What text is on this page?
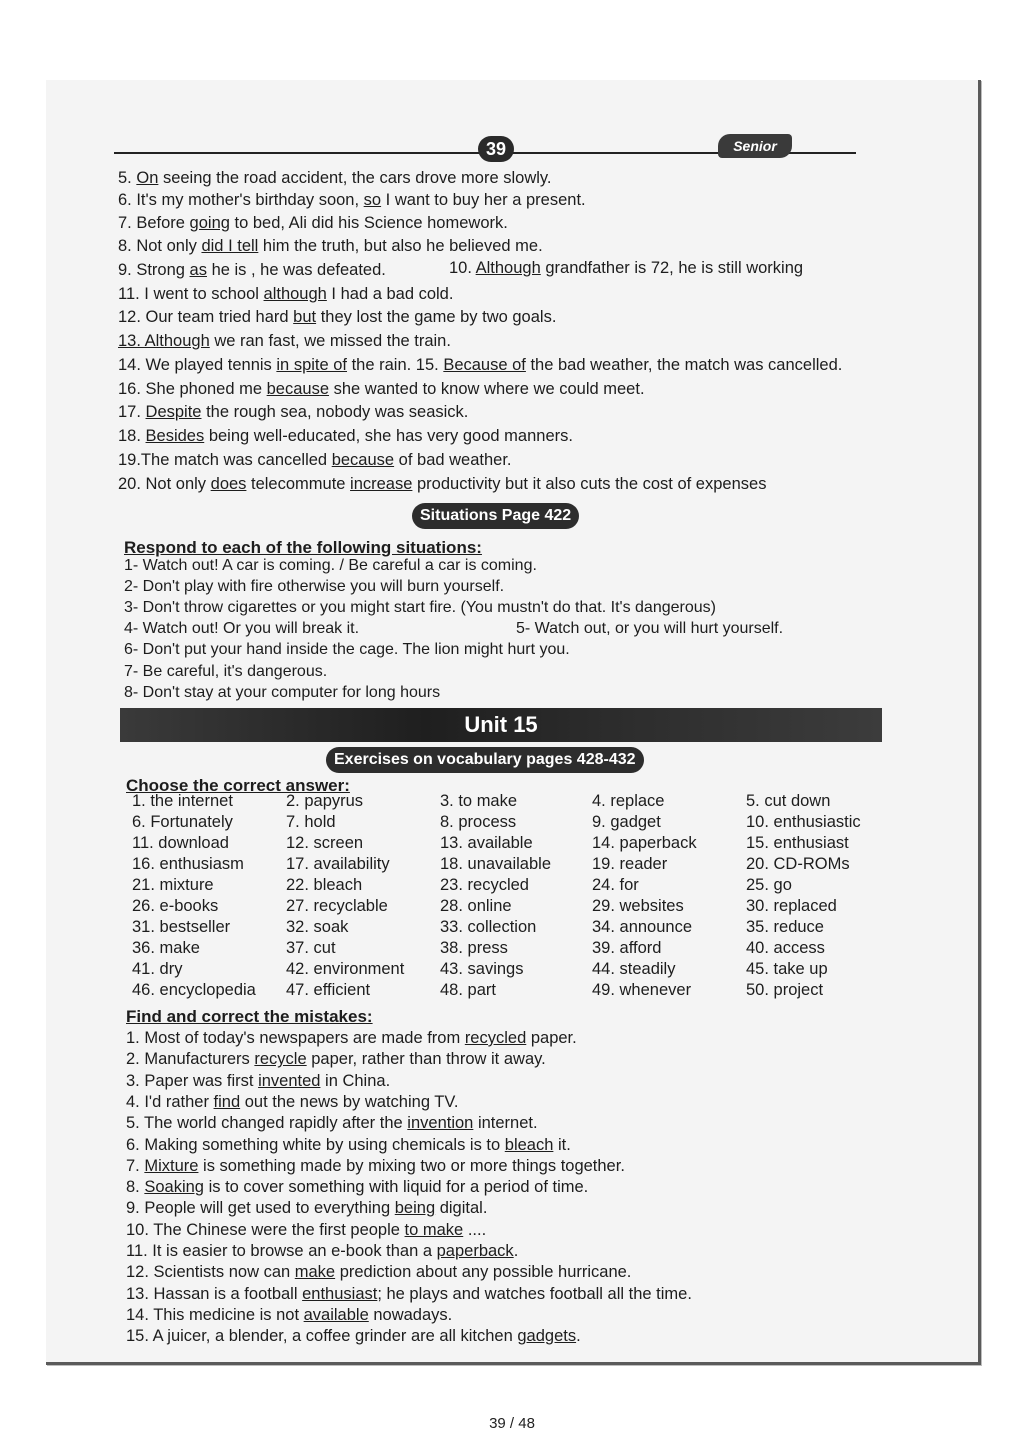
39	Senior
5. On seeing the road accident, the cars drove more slowly.
6. It's my mother's birthday soon, so I want to buy her a present.
7. Before going to bed, Ali did his Science homework.
8. Not only did I tell him the truth, but also he believed me.
9. Strong as he is , he was defeated.
11. I went to school although I had a bad cold.
12. Our team tried hard but they lost the game by two goals.
13. Although we ran fast, we missed the train.
14. We played tennis in spite of the rain. 15. Because of the bad weather, the match was cancelled.
16. She phoned me because she wanted to know where we could meet.
17. Despite the rough sea, nobody was seasick.
18. Besides being well-educated, she has very good manners.
19.The match was cancelled because of bad weather.
20. Not only does telecommute increase productivity but it also cuts the cost of expenses
10. Although grandfather is 72, he is still working
Situations Page 422
Respond to each of the following situations:
1- Watch out! A car is coming. / Be careful a car is coming.
2- Don't play with fire otherwise you will burn yourself.
3- Don't throw cigarettes or you might start fire. (You mustn't do that. It's dangerous)
4- Watch out! Or you will break it.
6- Don't put your hand inside the cage. The lion might hurt you.
7- Be careful, it's dangerous.
8- Don't stay at your computer for long hours
5- Watch out, or you will hurt yourself.
Unit 15
Exercises on vocabulary pages 428-432
Choose the correct answer:
1. the internet	2. papyrus	3. to make	4. replace	5. cut down
6. Fortunately	7. hold	8. process	9. gadget	10. enthusiastic
11. download	12. screen	13. available	14. paperback	15. enthusiast
16. enthusiasm	17. availability	18. unavailable 19. reader	20. CD-ROMs
21. mixture	22. bleach	23. recycled	24. for	25. go
26. e-books	27. recyclable	28. online	29. websites	30. replaced
31. bestseller	32. soak	33. collection	34. announce	35. reduce
36. make	37. cut	38. press	39. afford	40. access
41. dry	42. environment 43. savings	44. steadily	45. take up
46. encyclopedia 47. efficient	48. part	49. whenever	50. project
Find and correct the mistakes:
1. Most of today's newspapers are made from recycled paper.
2. Manufacturers recycle paper, rather than throw it away.
3. Paper was first invented in China.
4. I'd rather find out the news by watching TV.
5. The world changed rapidly after the invention internet.
6. Making something white by using chemicals is to bleach it.
7. Mixture is something made by mixing two or more things together.
8. Soaking is to cover something with liquid for a period of time.
9. People will get used to everything being digital.
10. The Chinese were the first people to make ....
11. It is easier to browse an e-book than a paperback.
12. Scientists now can make prediction about any possible hurricane.
13. Hassan is a football enthusiast; he plays and watches football all the time.
14. This medicine is not available nowadays.
15. A juicer, a blender, a coffee grinder are all kitchen gadgets.
39 / 48
